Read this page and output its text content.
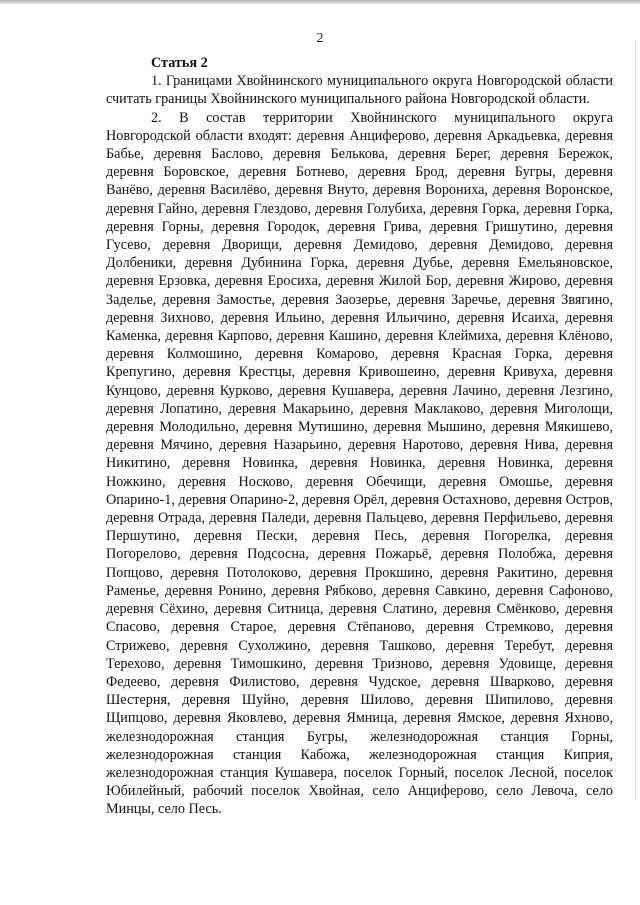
2

Статья 2

1. Границами Хвойнинского муниципального округа Новгородской области считать границы Хвойнинского муниципального района Новгородской области.

2. В состав территории Хвойнинского муниципального округа Новгородской области входят: деревня Анциферово, деревня Аркадьевка, деревня Бабье, деревня Баслово, деревня Белькова, деревня Берег, деревня Бережок, деревня Боровское, деревня Ботнево, деревня Брод, деревня Бугры, деревня Ванёво, деревня Василёво, деревня Внуто, деревня Ворониха, деревня Воронское, деревня Гайно, деревня Глездово, деревня Голубиха, деревня Горка, деревня Горка, деревня Горны, деревня Городок, деревня Грива, деревня Гришутино, деревня Гусево, деревня Дворищи, деревня Демидово, деревня Демидово, деревня Долбеники, деревня Дубинина Горка, деревня Дубье, деревня Емельяновское, деревня Ерзовка, деревня Еросиха, деревня Жилой Бор, деревня Жирово, деревня Заделье, деревня Замостье, деревня Заозерье, деревня Заречье, деревня Звягино, деревня Зихново, деревня Ильино, деревня Ильичино, деревня Исаиха, деревня Каменка, деревня Карпово, деревня Кашино, деревня Клеймиха, деревня Клёново, деревня Колмошино, деревня Комарово, деревня Красная Горка, деревня Крепугино, деревня Крестцы, деревня Кривошеино, деревня Кривуха, деревня Кунцово, деревня Курково, деревня Кушавера, деревня Лачино, деревня Лезгино, деревня Лопатино, деревня Макарьино, деревня Маклаково, деревня Миголощи, деревня Молодильно, деревня Мутишино, деревня Мышино, деревня Мякишево, деревня Мячино, деревня Назарьино, деревня Наротово, деревня Нива, деревня Никитино, деревня Новинка, деревня Новинка, деревня Новинка, деревня Ножкино, деревня Носково, деревня Обечищи, деревня Омошье, деревня Опарино-1, деревня Опарино-2, деревня Орёл, деревня Остахново, деревня Остров, деревня Отрада, деревня Паледи, деревня Пальцево, деревня Перфильево, деревня Першутино, деревня Пески, деревня Песь, деревня Погорелка, деревня Погорелово, деревня Подсосна, деревня Пожарьё, деревня Полобжа, деревня Попцово, деревня Потолоково, деревня Прокшино, деревня Ракитино, деревня Раменье, деревня Ронино, деревня Рябково, деревня Савкино, деревня Сафоново, деревня Сёхино, деревня Ситница, деревня Слатино, деревня Смёнково, деревня Спасово, деревня Старое, деревня Стёпаново, деревня Стремково, деревня Стрижево, деревня Сухолжино, деревня Ташково, деревня Теребут, деревня Терехово, деревня Тимошкино, деревня Тризново, деревня Удовище, деревня Федеево, деревня Филистово, деревня Чудское, деревня Шварково, деревня Шестерня, деревня Шуйно, деревня Шилово, деревня Шипилово, деревня Щипцово, деревня Яковлево, деревня Ямница, деревня Ямское, деревня Яхново, железнодорожная станция Бугры, железнодорожная станция Горны, железнодорожная станция Кабожа, железнодорожная станция Киприя, железнодорожная станция Кушавера, поселок Горный, поселок Лесной, поселок Юбилейный, рабочий поселок Хвойная, село Анциферово, село Левоча, село Минцы, село Песь.
